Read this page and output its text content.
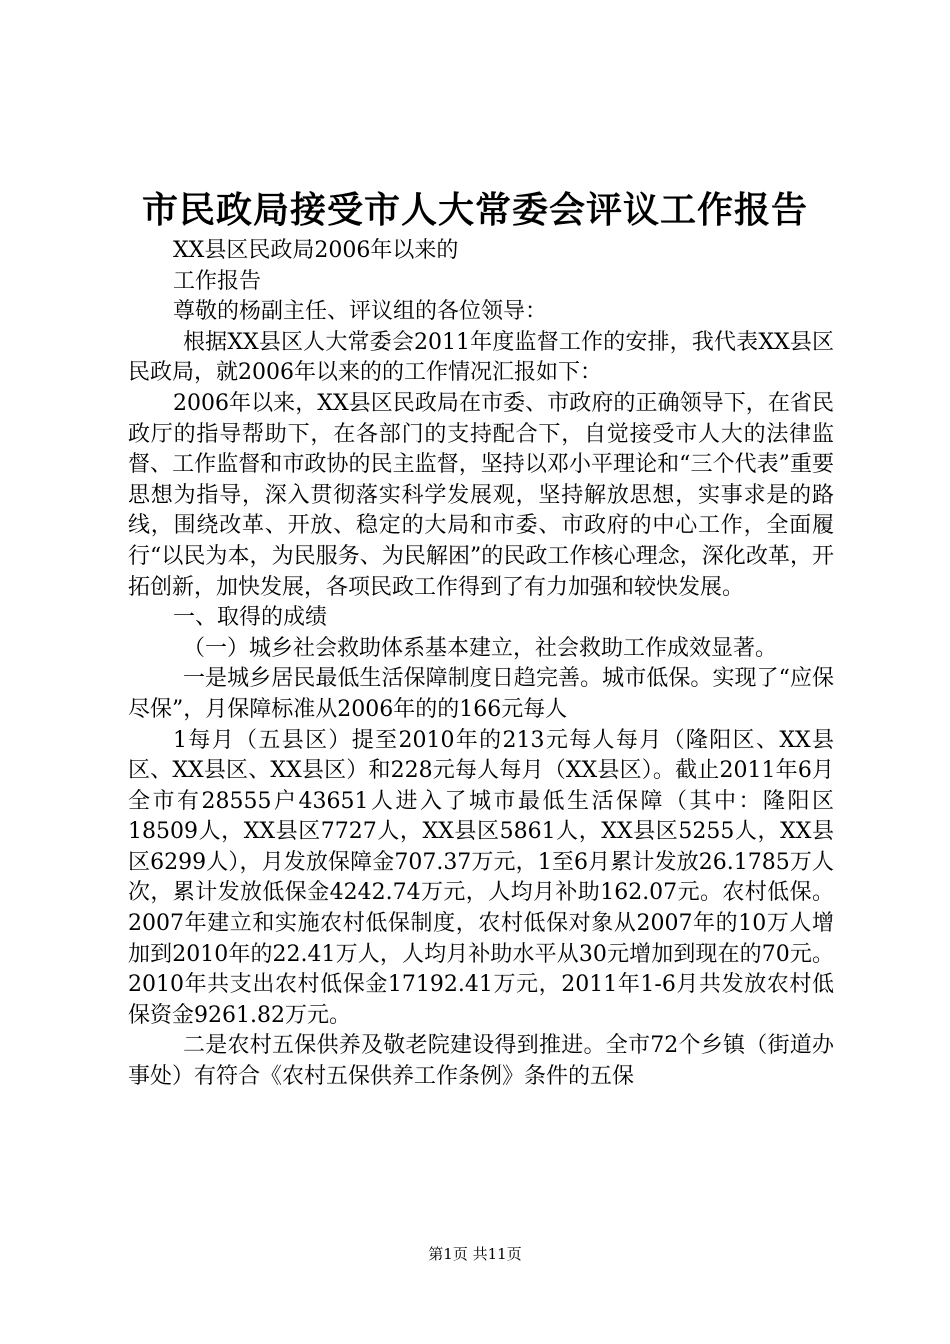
市民政局接受市人大常委会评议工作报告

XX县区民政局2006年以来的

工作报告

尊敬的杨副主任、评议组的各位领导：

根据XX县区人大常委会2011年度监督工作的安排，我代表XX县区民政局，就2006年以来的的工作情况汇报如下：

2006年以来，XX县区民政局在市委、市政府的正确领导下，在省民政厅的指导帮助下，在各部门的支持配合下，自觉接受市人大的法律监督、工作监督和市政协的民主监督，坚持以邓小平理论和“三个代表”重要思想为指导，深入贯彻落实科学发展观，坚持解放思想，实事求是的路线，围绕改革、开放、稳定的大局和市委、市政府的中心工作，全面履行“以民为本，为民服务、为民解困”的民政工作核心理念，深化改革，开拓创新，加快发展，各项民政工作得到了有力加强和较快发展。

一、取得的成绩

（一）城乡社会救助体系基本建立，社会救助工作成效显著。

一是城乡居民最低生活保障制度日趋完善。城市低保。实现了“应保尽保”，月保障标准从2006年的的166元每人

1每月（五县区）提至2010年的213元每人每月（隆阳区、XX县区、XX县区、XX县区）和228元每人每月（XX县区）。截止2011年6月全市有28555户43651人进入了城市最低生活保障（其中：隆阳区18509人，XX县区7727人，XX县区5861人，XX县区5255人，XX县区6299人），月发放保障金707.37万元，1至6月累计发放26.1785万人次，累计发放低保金4242.74万元，人均月补助162.07元。农村低保。2007年建立和实施农村低保制度，农村低保对象从2007年的10万人增加到2010年的22.41万人，人均月补助水平从30元增加到现在的70元。2010年共支出农村低保金17192.41万元，2011年1-6月共发放农村低保资金9261.82万元。

二是农村五保供养及敬老院建设得到推进。全市72个乡镇（街道办事处）有符合《农村五保供养工作条例》条件的五保

第1页 共11页
